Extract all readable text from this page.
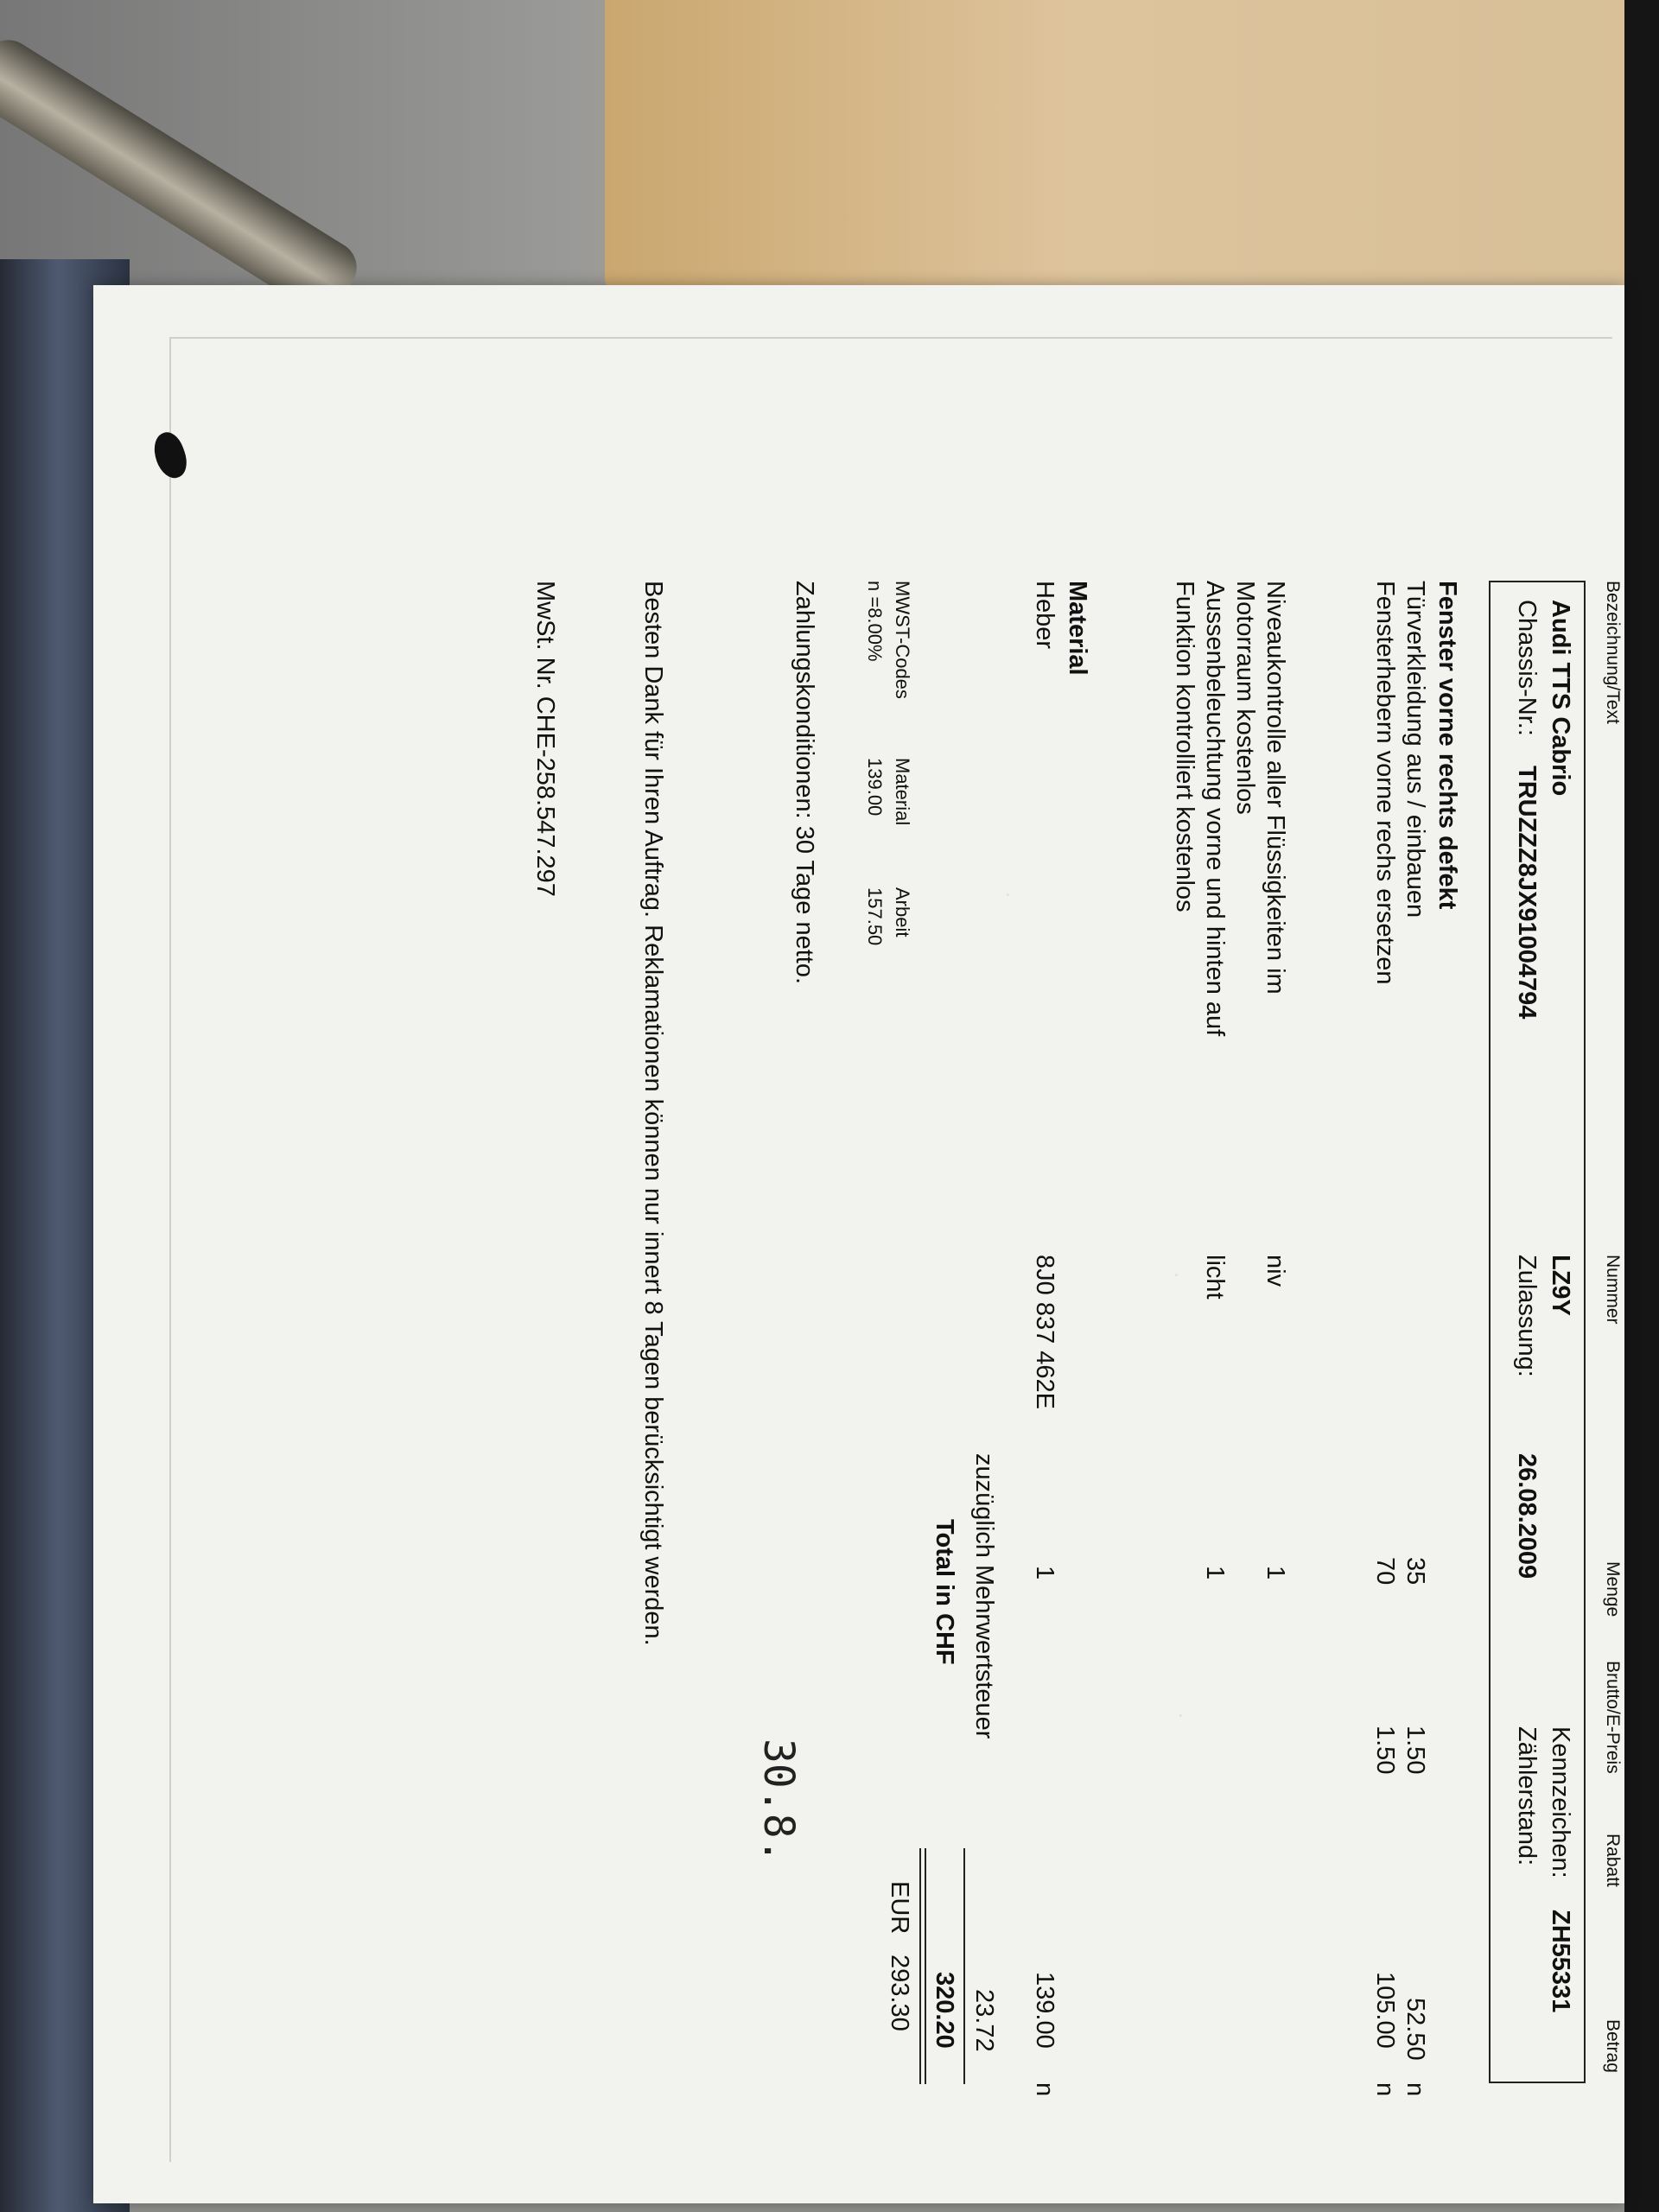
Bezeichnung/Text
Nummer
Menge
Brutto/E-Preis
Rabatt
Betrag
Audi TTS Cabrio
LZ9Y
Kennzeichen:
ZH55331
Chassis-Nr.:
TRUZZZ8JX91004794
Zulassung:
26.08.2009
Zählerstand:
Fenster vorne rechts defekt
Türverkleidung aus / einbauen
35
1.50
52.50
n
Fensterhebern vorne rechs ersetzen
70
1.50
105.00
n
Niveaukontrolle aller Flüssigkeiten im
niv
1
Motorraum kostenlos
Aussenbeleuchtung vorne und hinten auf
licht
1
Funktion kontrolliert kostenlos
Material
Heber
8J0 837 462E
1
139.00
n
zuzüglich Mehrwertsteuer
23.72
Total in CHF
320.20
EUR
293.30
MWST-Codes
n =8.00%
Material
139.00
Arbeit
157.50
Zahlungskonditionen: 30 Tage netto.
Besten Dank für Ihren Auftrag. Reklamationen können nur innert 8 Tagen berücksichtigt werden.
MwSt. Nr. CHE-258.547.297
30.8.
.
.
.
